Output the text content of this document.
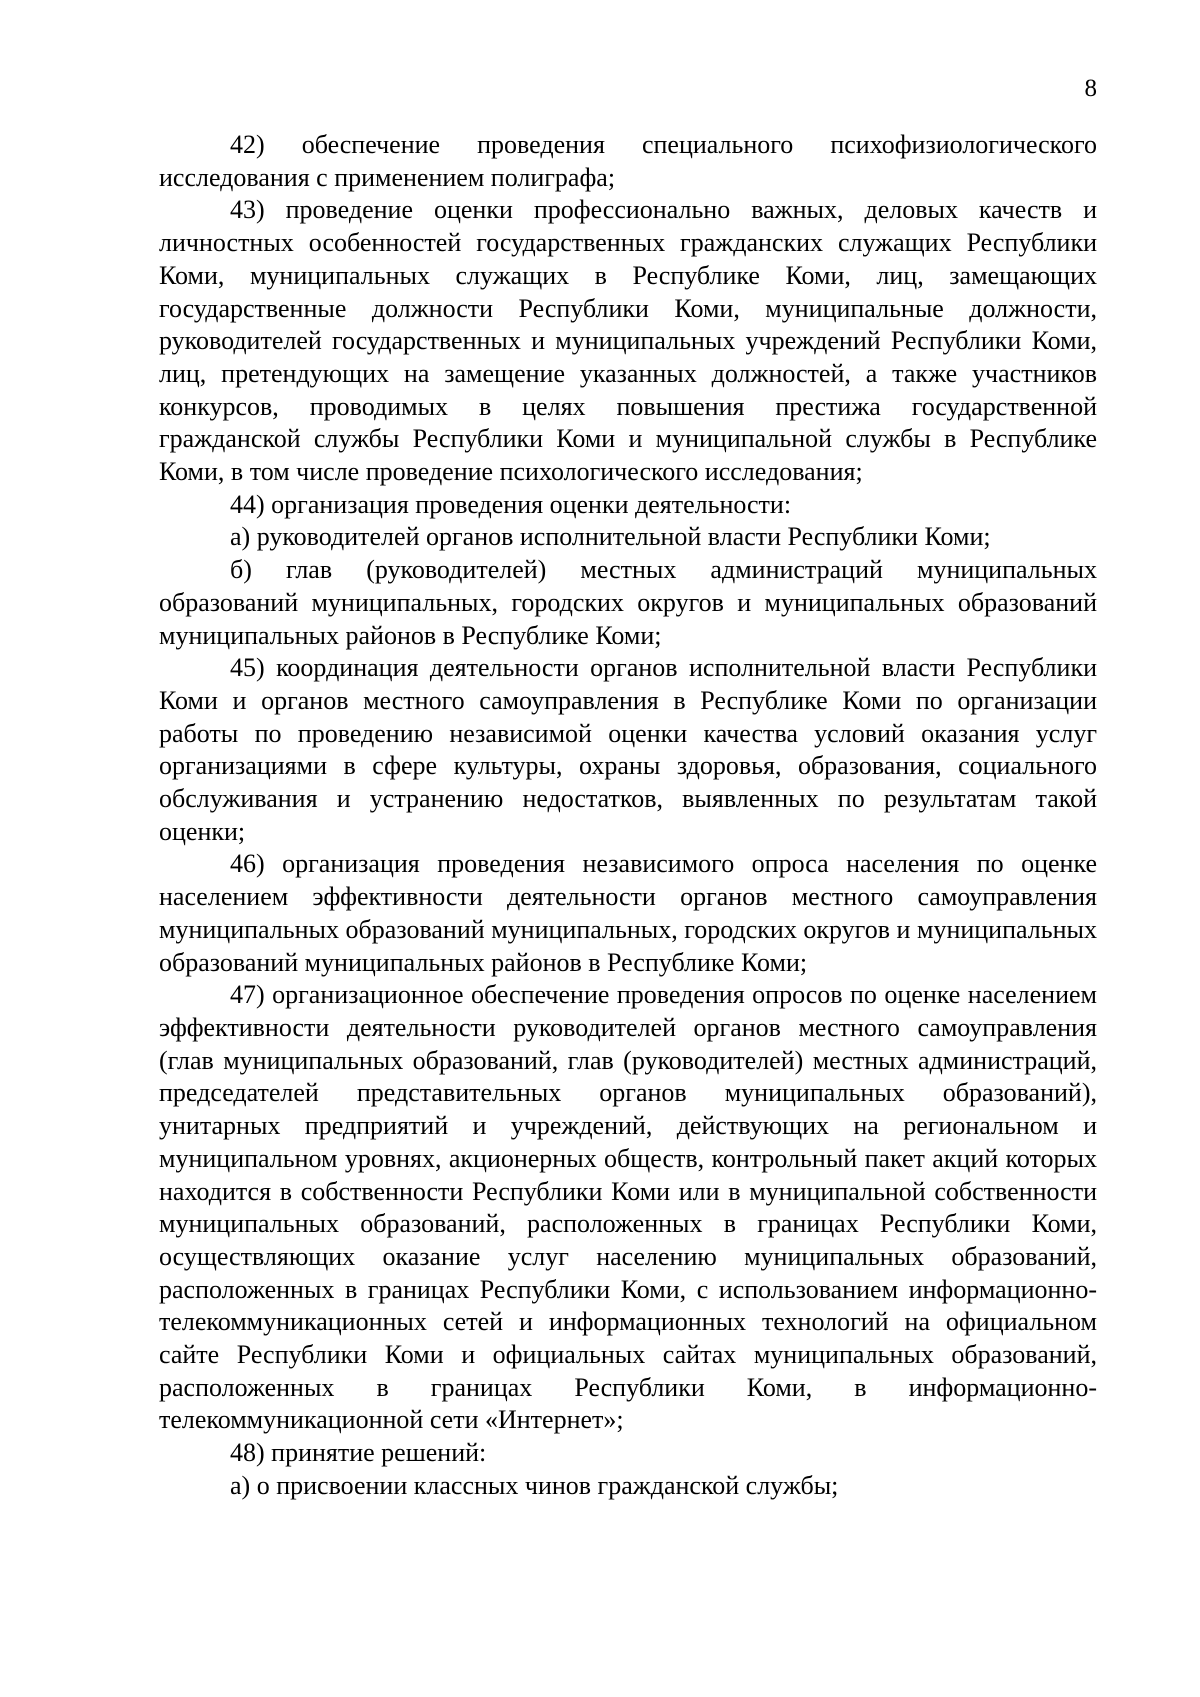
8

42) обеспечение проведения специального психофизиологического исследования с применением полиграфа;

43) проведение оценки профессионально важных, деловых качеств и личностных особенностей государственных гражданских служащих Республики Коми, муниципальных служащих в Республике Коми, лиц, замещающих государственные должности Республики Коми, муниципальные должности, руководителей государственных и муниципальных учреждений Республики Коми, лиц, претендующих на замещение указанных должностей, а также участников конкурсов, проводимых в целях повышения престижа государственной гражданской службы Республики Коми и муниципальной службы в Республике Коми, в том числе проведение психологического исследования;

44) организация проведения оценки деятельности:

а) руководителей органов исполнительной власти Республики Коми;

б) глав (руководителей) местных администраций муниципальных образований муниципальных, городских округов и муниципальных образований муниципальных районов в Республике Коми;

45) координация деятельности органов исполнительной власти Республики Коми и органов местного самоуправления в Республике Коми по организации работы по проведению независимой оценки качества условий оказания услуг организациями в сфере культуры, охраны здоровья, образования, социального обслуживания и устранению недостатков, выявленных по результатам такой оценки;

46) организация проведения независимого опроса населения по оценке населением эффективности деятельности органов местного самоуправления муниципальных образований муниципальных, городских округов и муниципальных образований муниципальных районов в Республике Коми;

47) организационное обеспечение проведения опросов по оценке населением эффективности деятельности руководителей органов местного самоуправления (глав муниципальных образований, глав (руководителей) местных администраций, председателей представительных органов муниципальных образований), унитарных предприятий и учреждений, действующих на региональном и муниципальном уровнях, акционерных обществ, контрольный пакет акций которых находится в собственности Республики Коми или в муниципальной собственности муниципальных образований, расположенных в границах Республики Коми, осуществляющих оказание услуг населению муниципальных образований, расположенных в границах Республики Коми, с использованием информационно-телекоммуникационных сетей и информационных технологий на официальном сайте Республики Коми и официальных сайтах муниципальных образований, расположенных в границах Республики Коми, в информационно-телекоммуникационной сети «Интернет»;

48) принятие решений:

а) о присвоении классных чинов гражданской службы;
